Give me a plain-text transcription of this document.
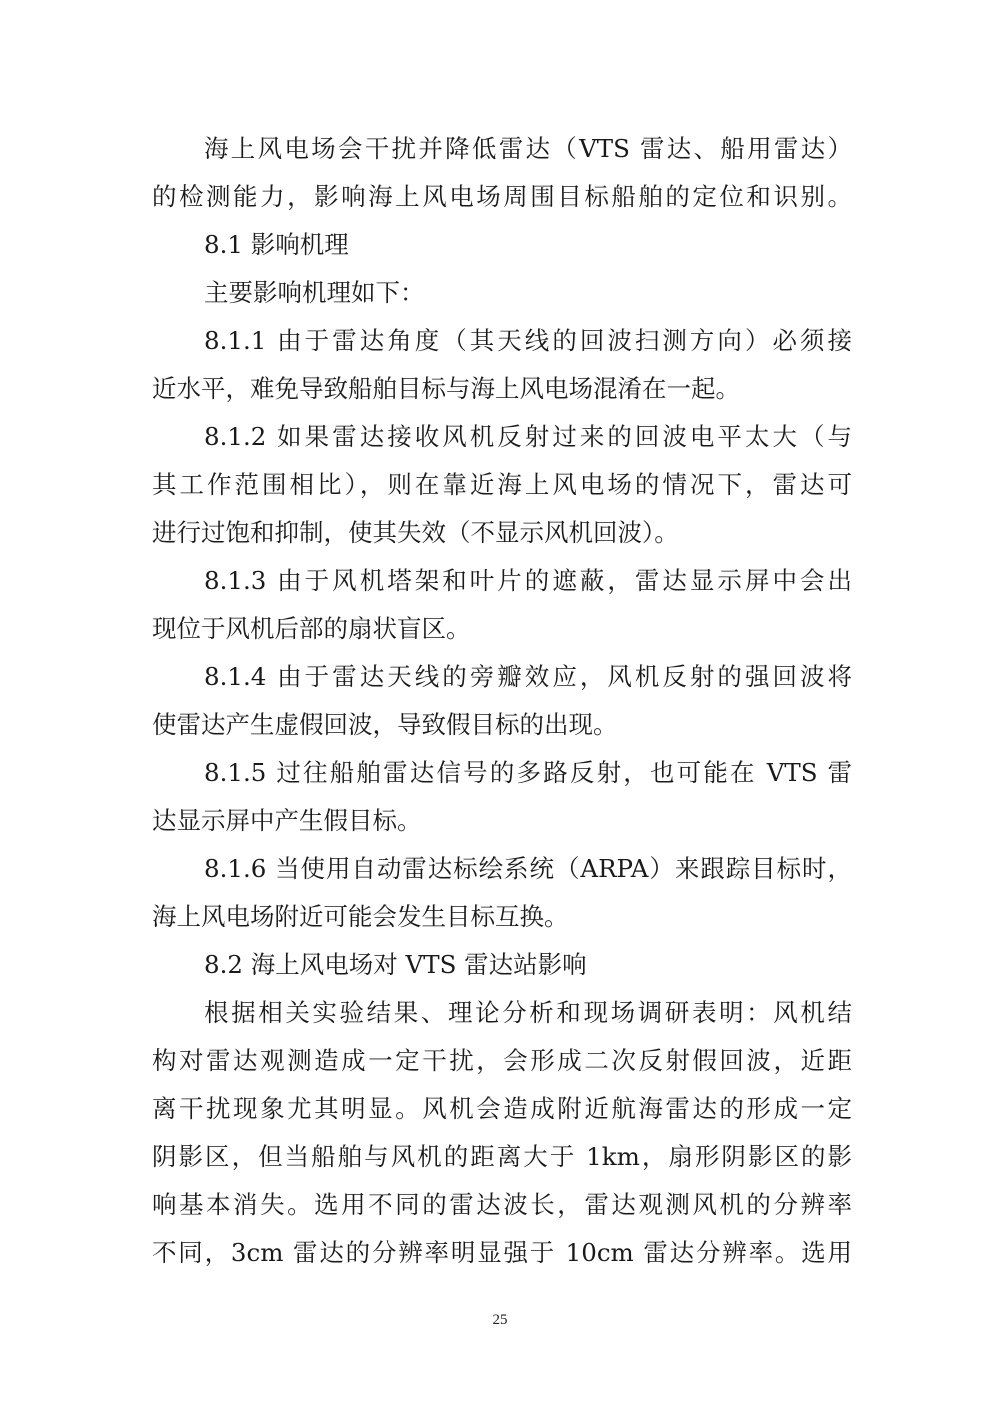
海上风电场会干扰并降低雷达（VTS 雷达、船用雷达）
的检测能力，影响海上风电场周围目标船舶的定位和识别。
8.1 影响机理
主要影响机理如下：
8.1.1 由于雷达角度（其天线的回波扫测方向）必须接
近水平，难免导致船舶目标与海上风电场混淆在一起。
8.1.2 如果雷达接收风机反射过来的回波电平太大（与
其工作范围相比），则在靠近海上风电场的情况下，雷达可
进行过饱和抑制，使其失效（不显示风机回波）。
8.1.3 由于风机塔架和叶片的遮蔽，雷达显示屏中会出
现位于风机后部的扇状盲区。
8.1.4 由于雷达天线的旁瓣效应，风机反射的强回波将
使雷达产生虚假回波，导致假目标的出现。
8.1.5 过往船舶雷达信号的多路反射，也可能在 VTS 雷
达显示屏中产生假目标。
8.1.6 当使用自动雷达标绘系统（ARPA）来跟踪目标时，
海上风电场附近可能会发生目标互换。
8.2 海上风电场对 VTS 雷达站影响
根据相关实验结果、理论分析和现场调研表明：风机结
构对雷达观测造成一定干扰，会形成二次反射假回波，近距
离干扰现象尤其明显。风机会造成附近航海雷达的形成一定
阴影区，但当船舶与风机的距离大于 1km，扇形阴影区的影
响基本消失。选用不同的雷达波长，雷达观测风机的分辨率
不同，3cm 雷达的分辨率明显强于 10cm 雷达分辨率。选用
25
